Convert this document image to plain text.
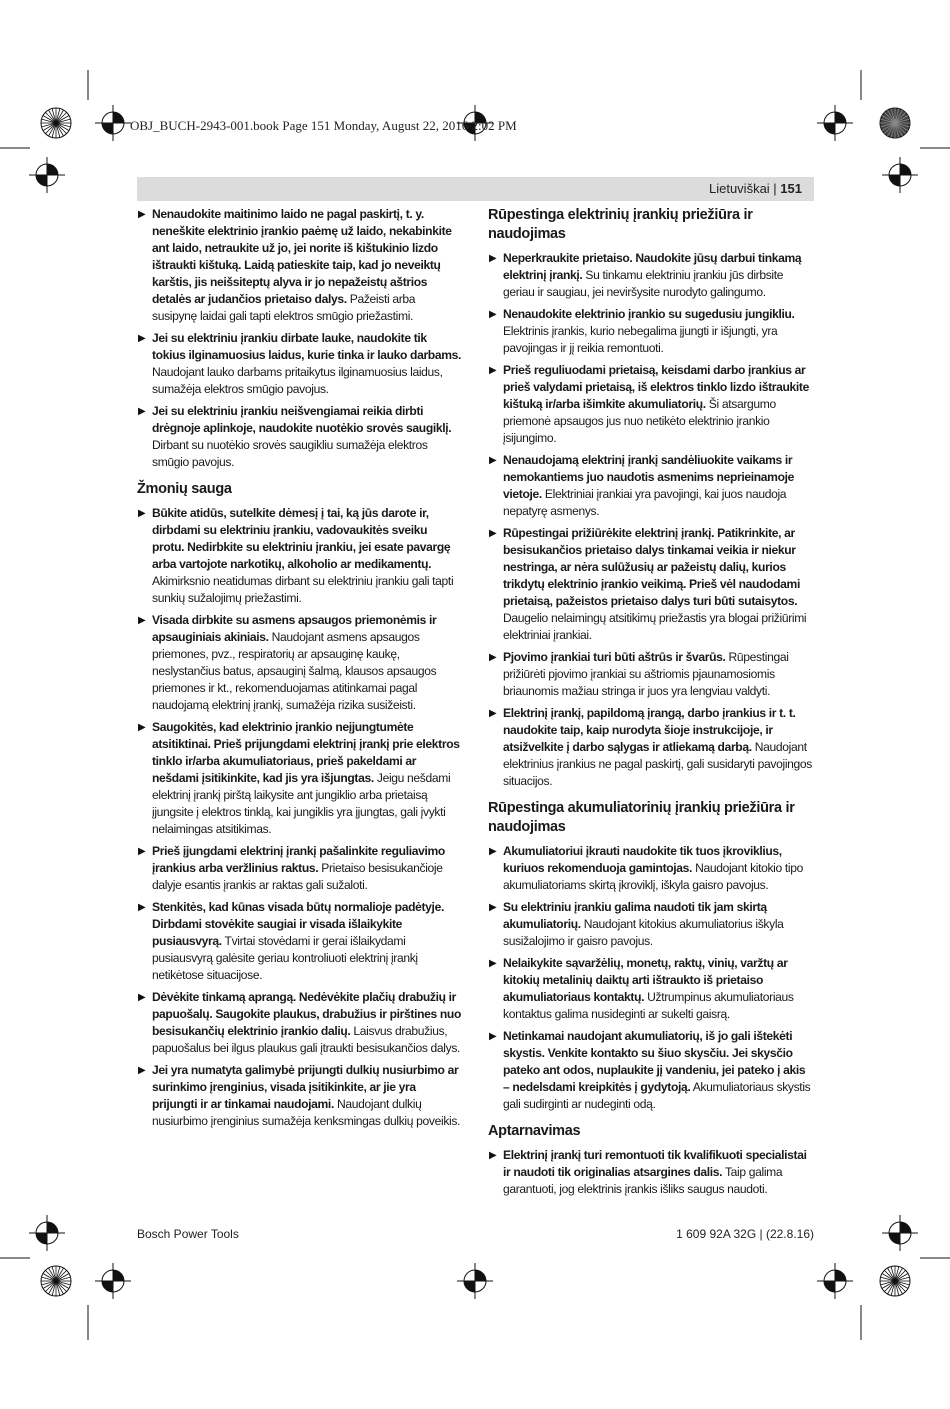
OBJ_BUCH-2943-001.book Page 151 Monday, August 22, 2016 2:02 PM
Lietuviškai | 151
▶ Nenaudokite maitinimo laido ne pagal paskirtį, t. y. neneškite elektrinio įrankio paėmę už laido, nekabinkite ant laido, netraukite už jo, jei norite iš kištukinio lizdo ištraukti kištuką. Laidą patieskite taip, kad jo neveiktų karštis, jis neišsiteptų alyva ir jo nepažeistų aštrios detalės ar judančios prietaiso dalys. Pažeisti arba susipynę laidai gali tapti elektros smūgio priežastimi.
▶ Jei su elektriniu įrankiu dirbate lauke, naudokite tik tokius ilginamuosius laidus, kurie tinka ir lauko darbams. Naudojant lauko darbams pritaikytus ilginamuosius laidus, sumažėja elektros smūgio pavojus.
▶ Jei su elektriniu įrankiu neišvengiamai reikia dirbti drėgnoje aplinkoje, naudokite nuotėkio srovės saugiklį. Dirbant su nuotėkio srovės saugikliu sumažėja elektros smūgio pavojus.
Žmonių sauga
▶ Būkite atidūs, sutelkite dėmesį į tai, ką jūs darote ir, dirbdami su elektriniu įrankiu, vadovaukitės sveiku protu. Nedirbkite su elektriniu įrankiu, jei esate pavargę arba vartojote narkotikų, alkoholio ar medikamentų. Akimirksnio neatidumas dirbant su elektriniu įrankiu gali tapti sunkių sužalojimų priežastimi.
▶ Visada dirbkite su asmens apsaugos priemonėmis ir apsauginiais akiniais. Naudojant asmens apsaugos priemones, pvz., respiratorių ar apsauginę kaukę, neslystančius batus, apsauginį šalmą, klausos apsaugos priemones ir kt., rekomenduojamas atitinkamai pagal naudojamą elektrinį įrankį, sumažėja rizika susižeisti.
▶ Saugokitės, kad elektrinio įrankio neįjungtumėte atsitiktinai. Prieš prijungdami elektrinį įrankį prie elektros tinklo ir/arba akumuliatoriaus, prieš pakeldami ar nešdami įsitikinkite, kad jis yra išjungtas. Jeigu nešdami elektrinį įrankį pirštą laikysite ant jungiklio arba prietaisą įjungsite į elektros tinklą, kai jungiklis yra įjungtas, gali įvykti nelaimingas atsitikimas.
▶ Prieš įjungdami elektrinį įrankį pašalinkite reguliavimo įrankius arba veržlinius raktus. Prietaiso besisukančioje dalyje esantis įrankis ar raktas gali sužaloti.
▶ Stenkitės, kad kūnas visada būtų normalioje padėtyje. Dirbdami stovėkite saugiai ir visada išlaikykite pusiausvyrą. Tvirtai stovėdami ir gerai išlaikydami pusiausvyrą galėsite geriau kontroliuoti elektrinį įrankį netikėtose situacijose.
▶ Dėvėkite tinkamą aprangą. Nedėvėkite plačių drabužių ir papuošalų. Saugokite plaukus, drabužius ir pirštines nuo besisukančių elektrinio įrankio dalių. Laisvus drabužius, papuošalus bei ilgus plaukus gali įtraukti besisukančios dalys.
▶ Jei yra numatyta galimybė prijungti dulkių nusiurbimo ar surinkimo įrenginius, visada įsitikinkite, ar jie yra prijungti ir ar tinkamai naudojami. Naudojant dulkių nusiurbimo įrenginius sumažėja kenksmingas dulkių poveikis.
Rūpestinga elektrinių įrankių priežiūra ir naudojimas
▶ Neperkraukite prietaiso. Naudokite jūsų darbui tinkamą elektrinį įrankį. Su tinkamu elektriniu įrankiu jūs dirbsite geriau ir saugiau, jei neviršysite nurodyto galingumo.
▶ Nenaudokite elektrinio įrankio su sugedusiu jungikliu. Elektrinis įrankis, kurio nebegalima įjungti ir išjungti, yra pavojingas ir jį reikia remontuoti.
▶ Prieš reguliuodami prietaisą, keisdami darbo įrankius ar prieš valydami prietaisą, iš elektros tinklo lizdo ištraukite kištuką ir/arba išimkite akumuliatorių. Ši atsargumo priemonė apsaugos jus nuo netikėto elektrinio įrankio įsijungimo.
▶ Nenaudojamą elektrinį įrankį sandėliuokite vaikams ir nemokantiems juo naudotis asmenims neprieinamoje vietoje. Elektriniai įrankiai yra pavojingi, kai juos naudoja nepatyrę asmenys.
▶ Rūpestingai prižiūrėkite elektrinį įrankį. Patikrinkite, ar besisukančios prietaiso dalys tinkamai veikia ir niekur nestringa, ar nėra sulūžusių ar pažeistų dalių, kurios trikdytų elektrinio įrankio veikimą. Prieš vėl naudodami prietaisą, pažeistos prietaiso dalys turi būti sutaisytos. Daugelio nelaimingų atsitikimų priežastis yra blogai prižiūrimi elektriniai įrankiai.
▶ Pjovimo įrankiai turi būti aštrūs ir švarūs. Rūpestingai prižiūrėti pjovimo įrankiai su aštriomis pjaunamosiomis briaunomis mažiau stringa ir juos yra lengviau valdyti.
▶ Elektrinį įrankį, papildomą įrangą, darbo įrankius ir t. t. naudokite taip, kaip nurodyta šioje instrukcijoje, ir atsižvelkite į darbo sąlygas ir atliekamą darbą. Naudojant elektrinius įrankius ne pagal paskirtį, gali susidaryti pavojingos situacijos.
Rūpestinga akumuliatorinių įrankių priežiūra ir naudojimas
▶ Akumuliatoriui įkrauti naudokite tik tuos įkroviklius, kuriuos rekomenduoja gamintojas. Naudojant kitokio tipo akumuliatoriams skirtą įkroviklį, iškyla gaisro pavojus.
▶ Su elektriniu įrankiu galima naudoti tik jam skirtą akumuliatorių. Naudojant kitokius akumuliatorius iškyla susižalojimo ir gaisro pavojus.
▶ Nelaikykite sąvaržėlių, monetų, raktų, vinių, varžtų ar kitokių metalinių daiktų arti ištraukto iš prietaiso akumuliatoriaus kontaktų. Užtrumpinus akumuliatoriaus kontaktus galima nusideginti ar sukelti gaisrą.
▶ Netinkamai naudojant akumuliatorių, iš jo gali ištekėti skystis. Venkite kontakto su šiuo skysčiu. Jei skysčio pateko ant odos, nuplaukite jį vandeniu, jei pateko į akis – nedelsdami kreipkitės į gydytoją. Akumuliatoriaus skystis gali sudirginti ar nudeginti odą.
Aptarnavimas
▶ Elektrinį įrankį turi remontuoti tik kvalifikuoti specialistai ir naudoti tik originalias atsargines dalis. Taip galima garantuoti, jog elektrinis įrankis išliks saugus naudoti.
Bosch Power Tools	1 609 92A 32G | (22.8.16)
